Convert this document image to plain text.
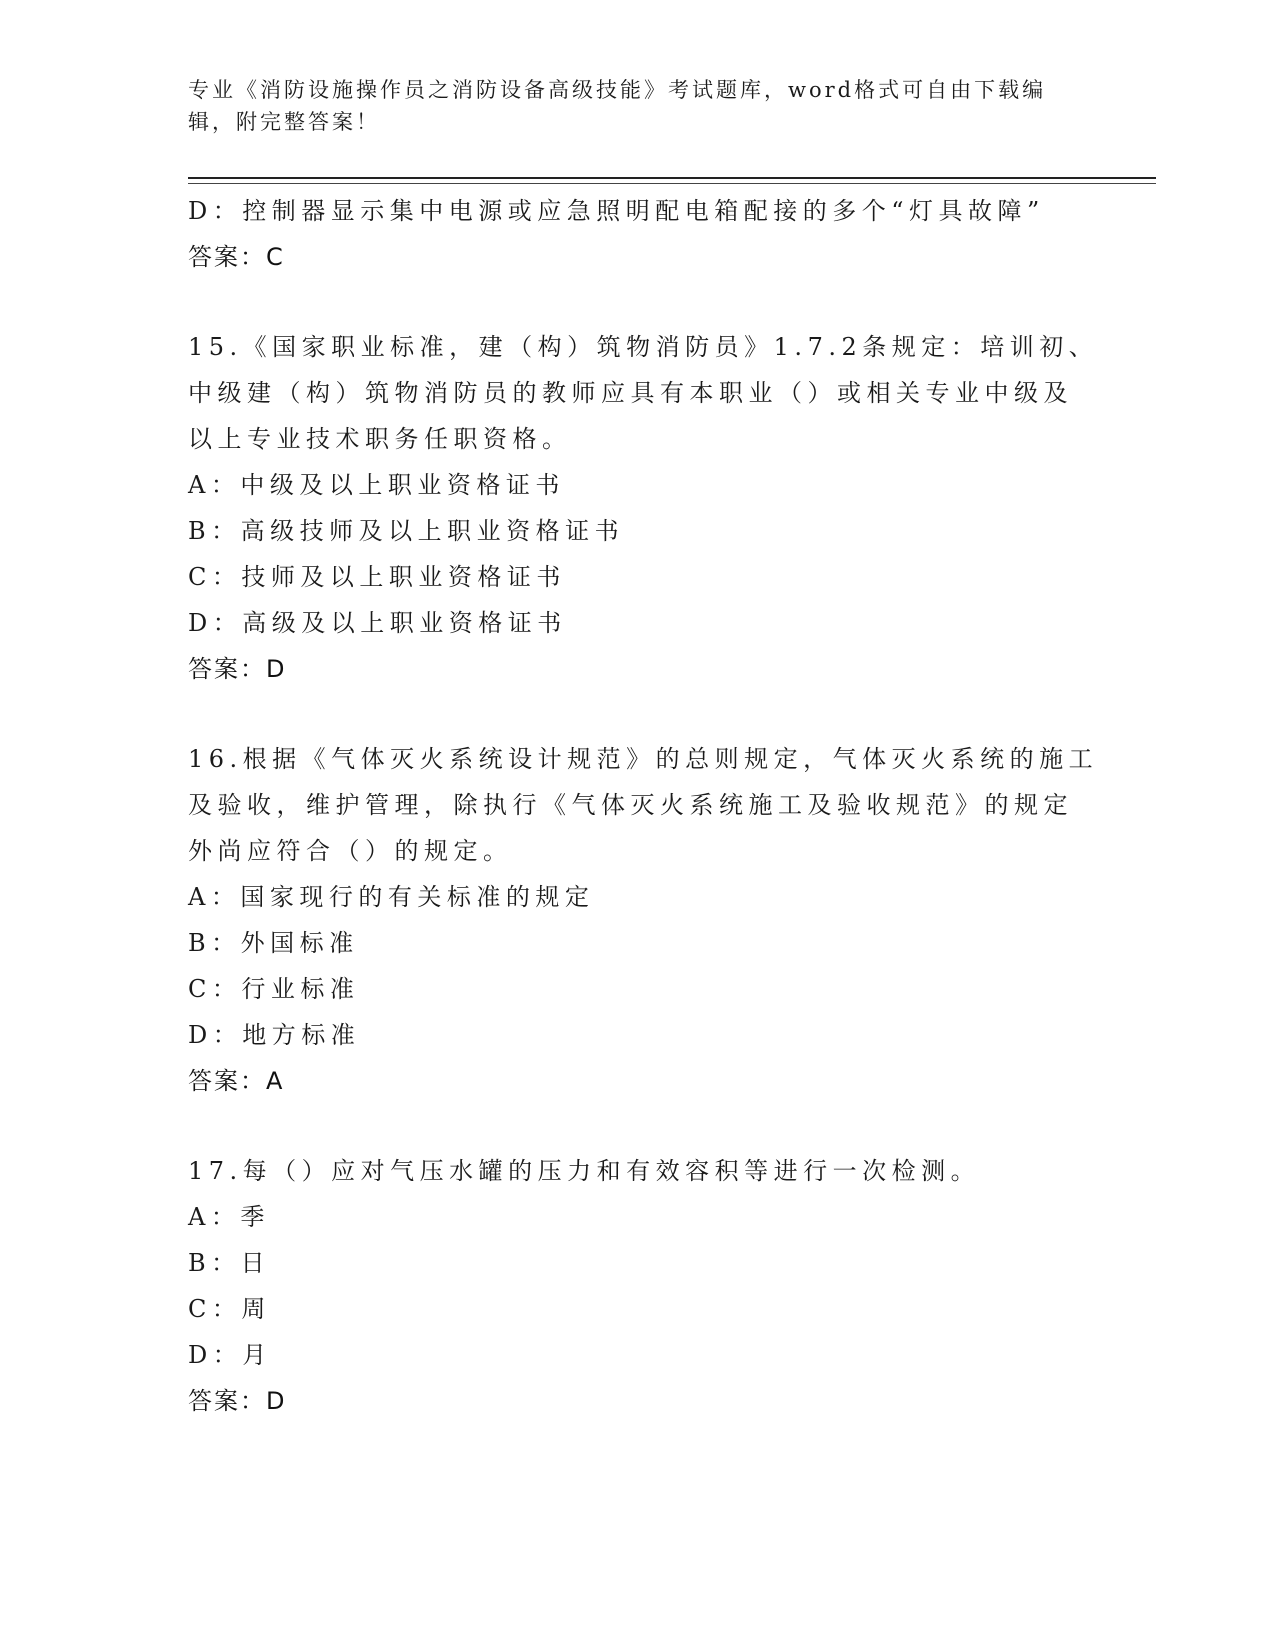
专业《消防设施操作员之消防设备高级技能》考试题库，word格式可自由下载编
辑，附完整答案！
D：控制器显示集中电源或应急照明配电箱配接的多个“灯具故障”
答案：C
15.《国家职业标准，建（构）筑物消防员》1.7.2条规定：培训初、
中级建（构）筑物消防员的教师应具有本职业（）或相关专业中级及
以上专业技术职务任职资格。
A：中级及以上职业资格证书
B：高级技师及以上职业资格证书
C：技师及以上职业资格证书
D：高级及以上职业资格证书
答案：D
16.根据《气体灭火系统设计规范》的总则规定，气体灭火系统的施工
及验收，维护管理，除执行《气体灭火系统施工及验收规范》的规定
外尚应符合（）的规定。
A：国家现行的有关标准的规定
B：外国标准
C：行业标准
D：地方标准
答案：A
17.每（）应对气压水罐的压力和有效容积等进行一次检测。
A：季
B：日
C：周
D：月
答案：D
